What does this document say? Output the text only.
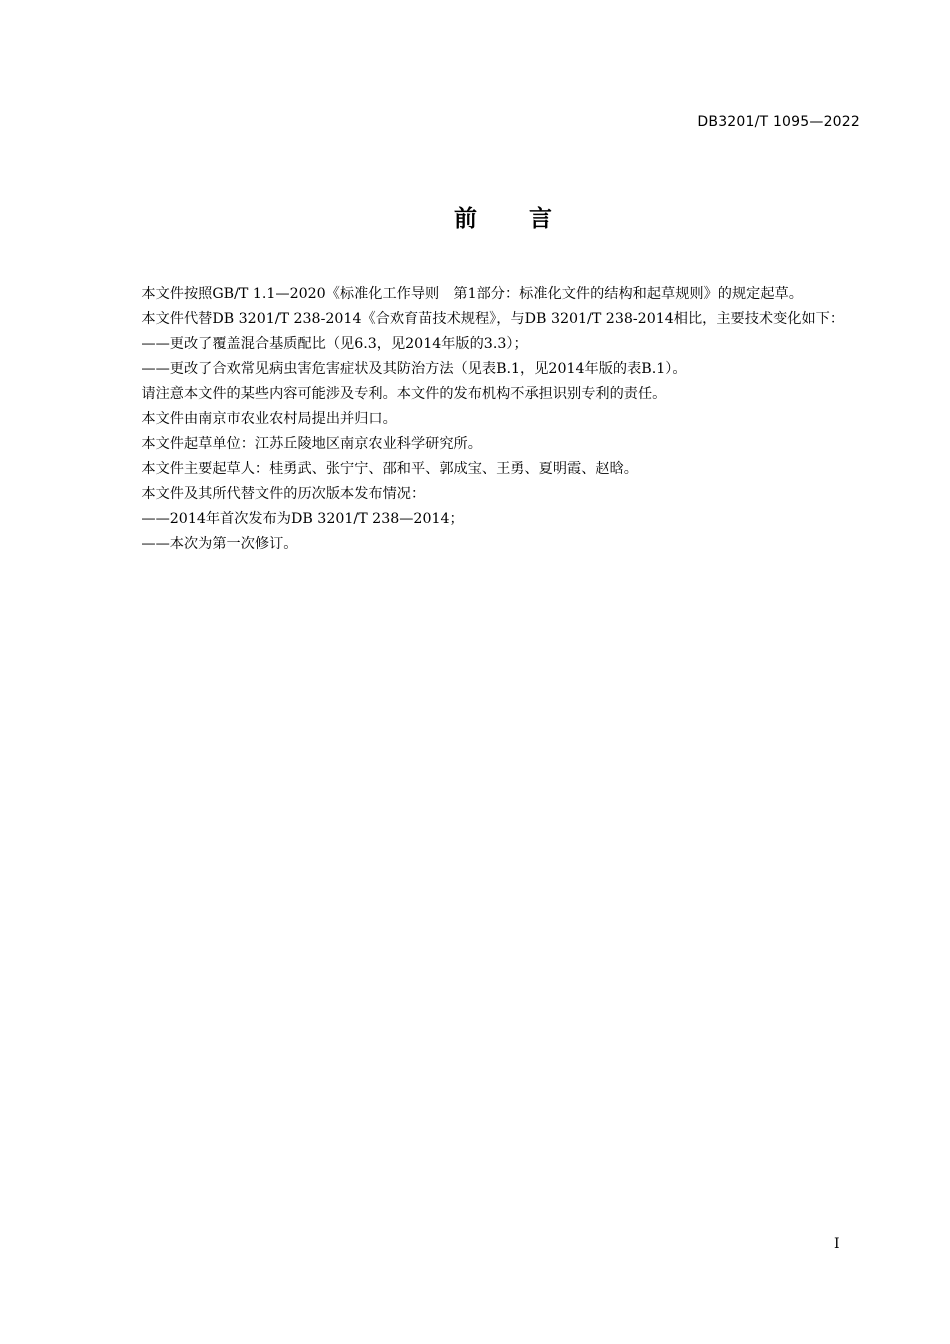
DB3201/T 1095—2022
前 言

本文件按照GB/T 1.1—2020《标准化工作导则　第1部分：标准化文件的结构和起草规则》的规定起草。

本文件代替DB 3201/T 238-2014《合欢育苗技术规程》，与DB 3201/T 238-2014相比，主要技术变化如下：

——更改了覆盖混合基质配比（见6.3，见2014年版的3.3）；

——更改了合欢常见病虫害危害症状及其防治方法（见表B.1，见2014年版的表B.1）。

请注意本文件的某些内容可能涉及专利。本文件的发布机构不承担识别专利的责任。

本文件由南京市农业农村局提出并归口。

本文件起草单位：江苏丘陵地区南京农业科学研究所。

本文件主要起草人：桂勇武、张宁宁、邵和平、郭成宝、王勇、夏明霞、赵晗。

本文件及其所代替文件的历次版本发布情况：

——2014年首次发布为DB 3201/T 238—2014；

——本次为第一次修订。

I
